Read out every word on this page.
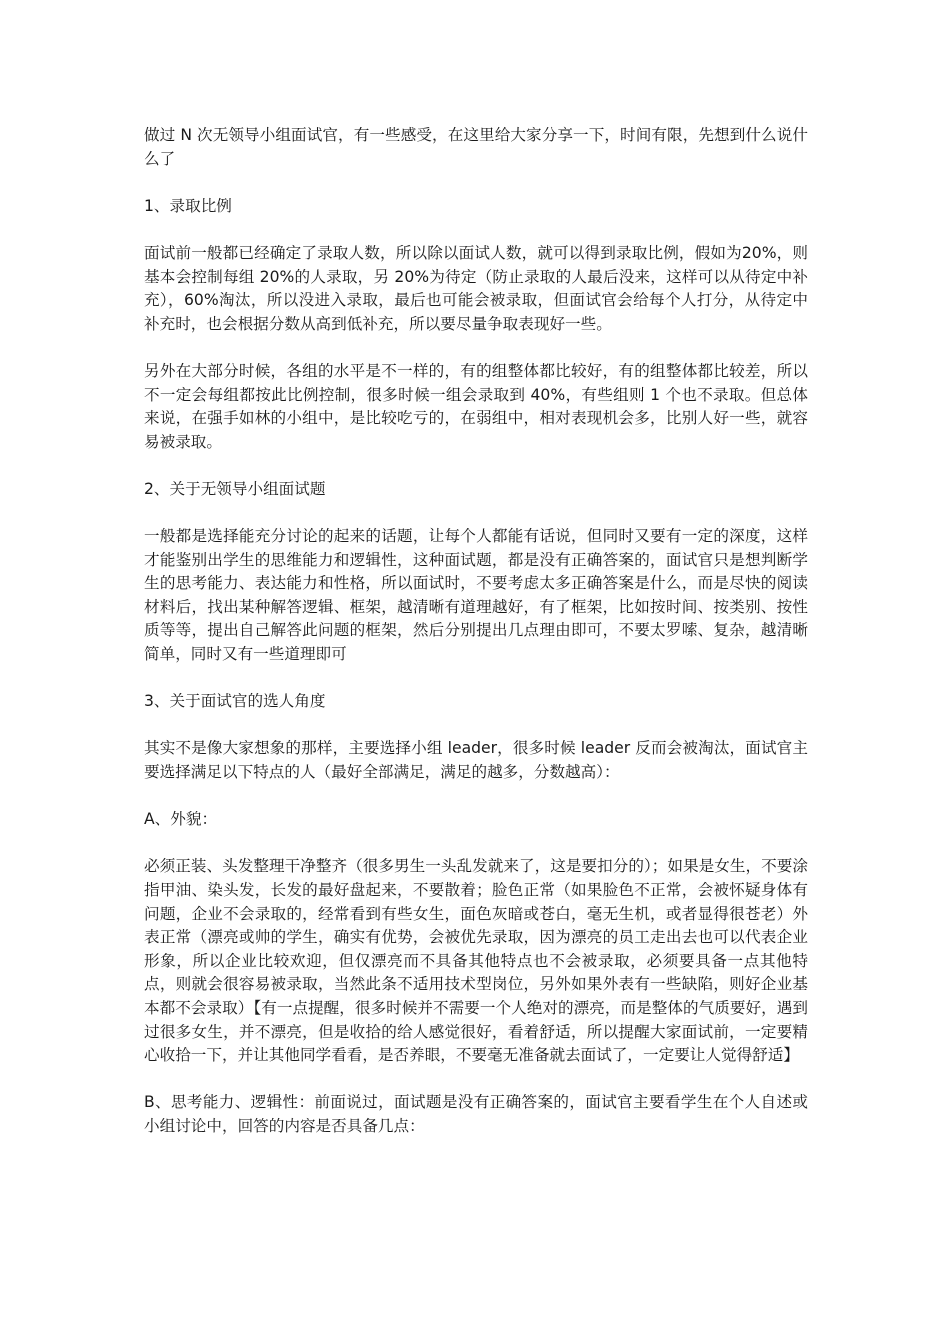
做过 N 次无领导小组面试官，有一些感受，在这里给大家分享一下，时间有限，先想到什么说什么了

1、录取比例

面试前一般都已经确定了录取人数，所以除以面试人数，就可以得到录取比例，假如为20%，则基本会控制每组 20%的人录取，另 20%为待定（防止录取的人最后没来，这样可以从待定中补充），60%淘汰，所以没进入录取，最后也可能会被录取，但面试官会给每个人打分，从待定中补充时，也会根据分数从高到低补充，所以要尽量争取表现好一些。

另外在大部分时候，各组的水平是不一样的，有的组整体都比较好，有的组整体都比较差，所以不一定会每组都按此比例控制，很多时候一组会录取到 40%，有些组则 1 个也不录取。但总体来说，在强手如林的小组中，是比较吃亏的，在弱组中，相对表现机会多，比别人好一些，就容易被录取。

2、关于无领导小组面试题

一般都是选择能充分讨论的起来的话题，让每个人都能有话说，但同时又要有一定的深度，这样才能鉴别出学生的思维能力和逻辑性，这种面试题，都是没有正确答案的，面试官只是想判断学生的思考能力、表达能力和性格，所以面试时，不要考虑太多正确答案是什么，而是尽快的阅读材料后，找出某种解答逻辑、框架，越清晰有道理越好，有了框架，比如按时间、按类别、按性质等等，提出自己解答此问题的框架，然后分别提出几点理由即可，不要太罗嗦、复杂，越清晰简单，同时又有一些道理即可

3、关于面试官的选人角度

其实不是像大家想象的那样，主要选择小组 leader，很多时候 leader 反而会被淘汰，面试官主要选择满足以下特点的人（最好全部满足，满足的越多，分数越高）：

A、外貌：

必须正装、头发整理干净整齐（很多男生一头乱发就来了，这是要扣分的）；如果是女生，不要涂指甲油、染头发，长发的最好盘起来，不要散着；脸色正常（如果脸色不正常，会被怀疑身体有问题，企业不会录取的，经常看到有些女生，面色灰暗或苍白，毫无生机，或者显得很苍老）外表正常（漂亮或帅的学生，确实有优势，会被优先录取，因为漂亮的员工走出去也可以代表企业形象，所以企业比较欢迎，但仅漂亮而不具备其他特点也不会被录取，必须要具备一点其他特点，则就会很容易被录取，当然此条不适用技术型岗位，另外如果外表有一些缺陷，则好企业基本都不会录取）【有一点提醒，很多时候并不需要一个人绝对的漂亮，而是整体的气质要好，遇到过很多女生，并不漂亮，但是收拾的给人感觉很好，看着舒适，所以提醒大家面试前，一定要精心收拾一下，并让其他同学看看，是否养眼，不要毫无准备就去面试了，一定要让人觉得舒适】

B、思考能力、逻辑性：前面说过，面试题是没有正确答案的，面试官主要看学生在个人自述或小组讨论中，回答的内容是否具备几点：
